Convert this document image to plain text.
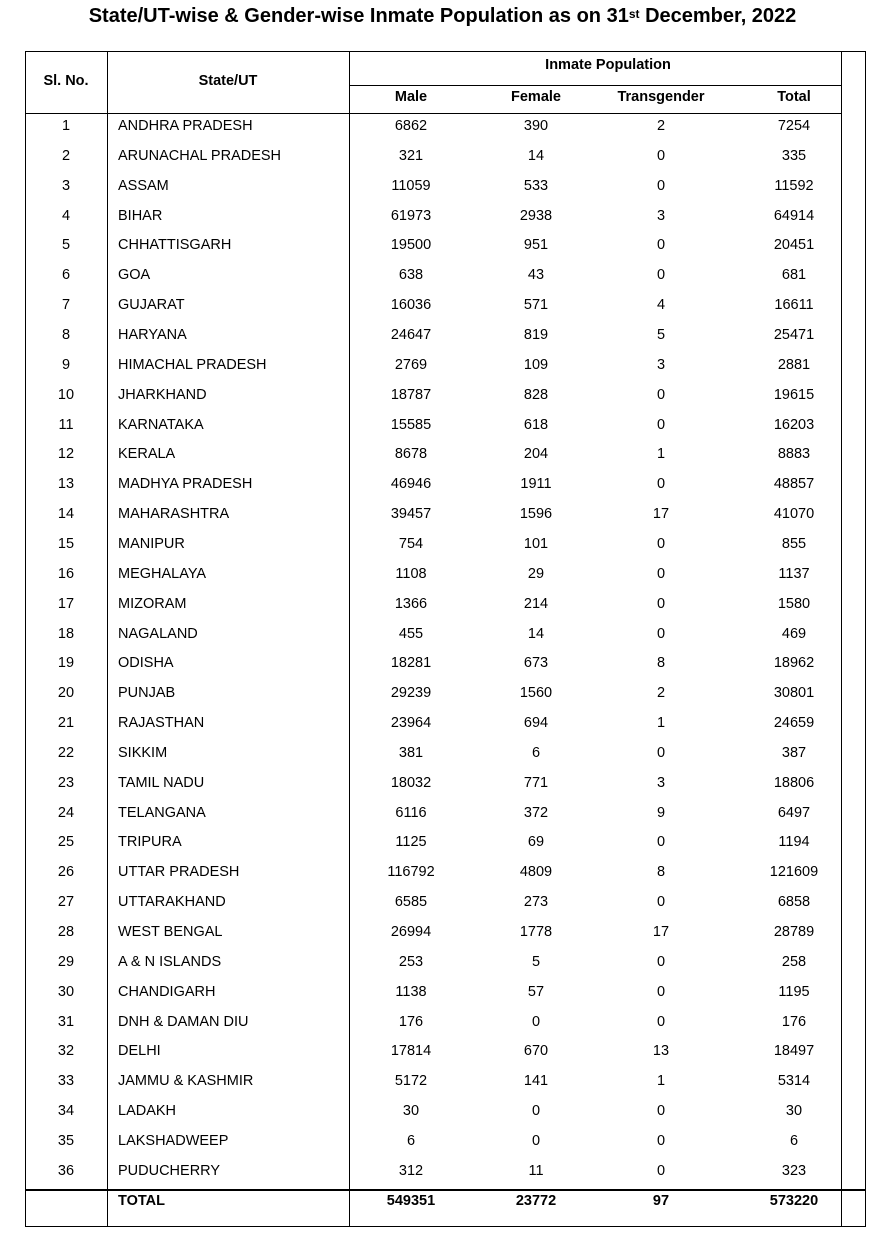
State/UT-wise & Gender-wise Inmate Population as on 31st December, 2022
Sl. No.	State/UT
Inmate Population
Male	Female	Transgender	Total
1	ANDHRA PRADESH	6862	390	2	7254
2	ARUNACHAL PRADESH	321	14	0	335
3	ASSAM	11059	533	0	11592
4	BIHAR	61973	2938	3	64914
5	CHHATTISGARH	19500	951	0	20451
6	GOA	638	43	0	681
7	GUJARAT	16036	571	4	16611
8	HARYANA	24647	819	5	25471
9	HIMACHAL PRADESH	2769	109	3	2881
10	JHARKHAND	18787	828	0	19615
11	KARNATAKA	15585	618	0	16203
12	KERALA	8678	204	1	8883
13	MADHYA PRADESH	46946	1911	0	48857
14	MAHARASHTRA	39457	1596	17	41070
15	MANIPUR	754	101	0	855
16	MEGHALAYA	1108	29	0	1137
17	MIZORAM	1366	214	0	1580
18	NAGALAND	455	14	0	469
19	ODISHA	18281	673	8	18962
20	PUNJAB	29239	1560	2	30801
21	RAJASTHAN	23964	694	1	24659
22	SIKKIM	381	6	0	387
23	TAMIL NADU	18032	771	3	18806
24	TELANGANA	6116	372	9	6497
25	TRIPURA	1125	69	0	1194
26	UTTAR PRADESH	116792	4809	8	121609
27	UTTARAKHAND	6585	273	0	6858
28	WEST BENGAL	26994	1778	17	28789
29	A & N ISLANDS	253	5	0	258
30	CHANDIGARH	1138	57	0	1195
31	DNH & DAMAN DIU	176	0	0	176
32	DELHI	17814	670	13	18497
33	JAMMU & KASHMIR	5172	141	1	5314
34	LADAKH	30	0	0	30
35	LAKSHADWEEP	6	0	0	6
36	PUDUCHERRY	312	11	0	323
TOTAL	549351	23772	97	573220
